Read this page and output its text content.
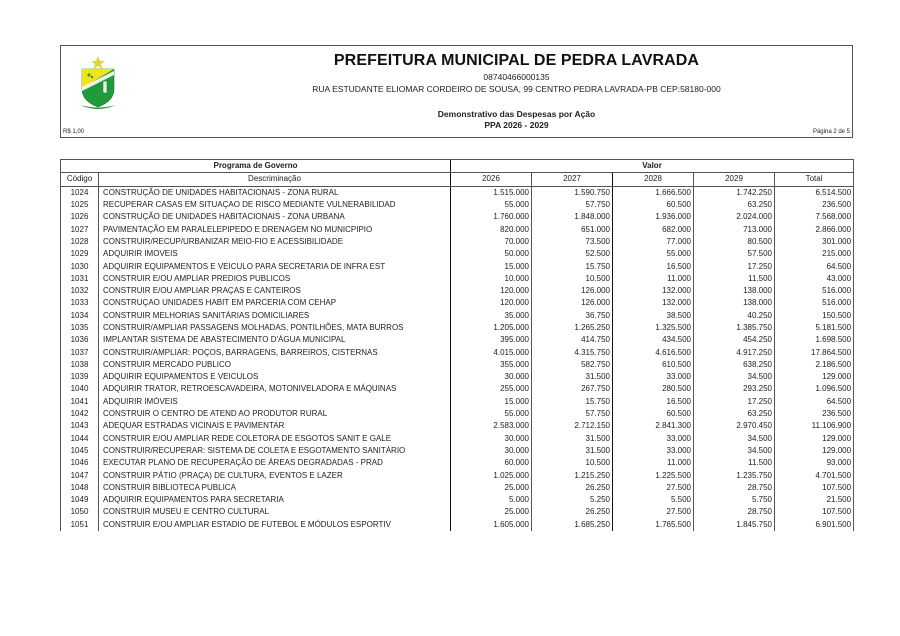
PREFEITURA MUNICIPAL DE PEDRA LAVRADA
08740466000135
RUA ESTUDANTE ELIOMAR CORDEIRO DE SOUSA, 99 CENTRO PEDRA LAVRADA-PB CEP:58180-000
Demonstrativo das Despesas por Ação
PPA 2026 - 2029
R$ 1,00	Página 2 de 5
Programa de Governo		Valor				
Código	Descriminação	2026	2027	2028	2029	Total
1024	CONSTRUÇÃO DE UNIDADES HABITACIONAIS - ZONA RURAL	1.515.000	1.590.750	1.666.500	1.742.250	6.514.500
1025	RECUPERAR CASAS EM SITUAÇAO DE RISCO MEDIANTE VULNERABILIDAD	55.000	57.750	60.500	63.250	236.500
1026	CONSTRUÇÃO DE UNIDADES HABITACIONAIS - ZONA URBANA	1.760.000	1.848.000	1.936.000	2.024.000	7.568.000
1027	PAVIMENTAÇÃO EM PARALELEPIPEDO E DRENAGEM NO MUNICPIPIO	820.000	651.000	682.000	713.000	2.866.000
1028	CONSTRUIR/RECUP/URBANIZAR MEIO-FIO E ACESSIBILIDADE	70.000	73.500	77.000	80.500	301.000
1029	ADQUIRIR IMOVEIS	50.000	52.500	55.000	57.500	215.000
1030	ADQUIRIR EQUIPAMENTOS E VEICULO PARA SECRETARIA DE INFRA EST	15.000	15.750	16.500	17.250	64.500
1031	CONSTRUIR E/OU AMPLIAR PREDIOS PUBLICOS	10.000	10.500	11.000	11.500	43.000
1032	CONSTRUIR E/OU AMPLIAR PRAÇAS E CANTEIROS	120.000	126.000	132.000	138.000	516.000
1033	CONSTRUÇAO UNIDADES HABIT EM PARCERIA COM CEHAP	120.000	126.000	132.000	138.000	516.000
1034	CONSTRUIR MELHORIAS SANITÁRIAS DOMICILIARES	35.000	36.750	38.500	40.250	150.500
1035	CONSTRUIR/AMPLIAR PASSAGENS MOLHADAS, PONTILHÕES, MATA BURROS	1.205.000	1.265.250	1.325.500	1.385.750	5.181.500
1036	IMPLANTAR SISTEMA DE ABASTECIMENTO D'ÁGUA MUNICIPAL	395.000	414.750	434.500	454.250	1.698.500
1037	CONSTRUIR/AMPLIAR: POÇOS, BARRAGENS, BARREIROS, CISTERNAS	4.015.000	4.315.750	4.616.500	4.917.250	17.864.500
1038	CONSTRUIR MERCADO PUBLICO	355.000	582.750	610.500	638.250	2.186.500
1039	ADQUIRIR EQUIPAMENTOS E VEICULOS	30.000	31.500	33.000	34.500	129.000
1040	ADQUIRIR TRATOR, RETROESCAVADEIRA, MOTONIVELADORA E MÁQUINAS	255.000	267.750	280.500	293.250	1.096.500
1041	ADQUIRIR IMÓVEIS	15.000	15.750	16.500	17.250	64.500
1042	CONSTRUIR O CENTRO DE ATEND AO PRODUTOR RURAL	55.000	57.750	60.500	63.250	236.500
1043	ADEQUAR ESTRADAS VICINAIS E PAVIMENTAR	2.583.000	2.712.150	2.841.300	2.970.450	11.106.900
1044	CONSTRUIR E/OU AMPLIAR REDE COLETORA DE ESGOTOS SANIT E GALE	30.000	31.500	33.000	34.500	129.000
1045	CONSTRUIR/RECUPERAR: SISTEMA DE COLETA E ESGOTAMENTO SANITÁRIO	30.000	31.500	33.000	34.500	129.000
1046	EXECUTAR PLANO DE RECUPERAÇÃO DE ÁREAS DEGRADADAS - PRAD	60.000	10.500	11.000	11.500	93.000
1047	CONSTRUIR PÁTIO (PRAÇA) DE CULTURA, EVENTOS E LAZER	1.025.000	1.215.250	1.225.500	1.235.750	4.701.500
1048	CONSTRUIR BIBLIOTECA PUBLICA	25.000	26.250	27.500	28.750	107.500
1049	ADQUIRIR EQUIPAMENTOS PARA SECRETARIA	5.000	5.250	5.500	5.750	21.500
1050	CONSTRUIR MUSEU E CENTRO CULTURAL	25.000	26.250	27.500	28.750	107.500
1051	CONSTRUIR E/OU AMPLIAR ESTADIO DE FUTEBOL E MÓDULOS ESPORTIV	1.605.000	1.685.250	1.765.500	1.845.750	6.901.500
